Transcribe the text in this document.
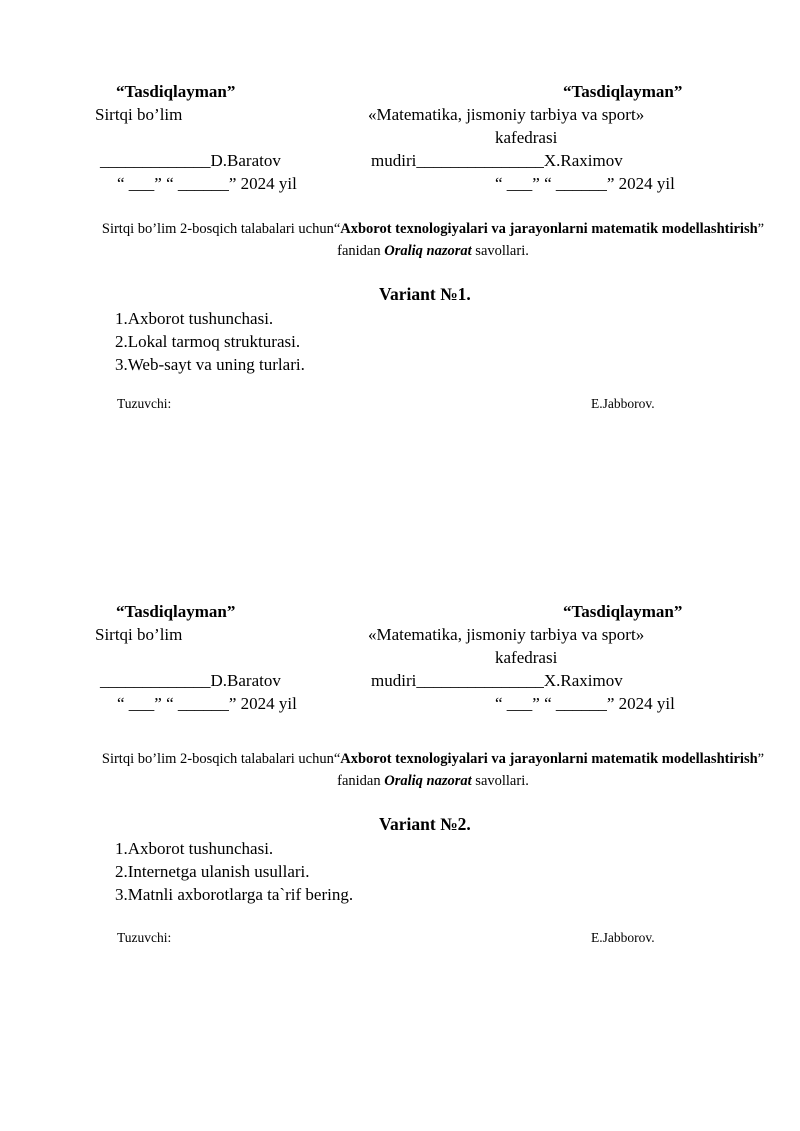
“Tasdiqlayman”	“Tasdiqlayman”
Sirtqi bo’lim	«Matematika, jismoniy tarbiya va sport»
kafedrasi
_____________D.Baratov	mudiri_______________X.Raximov
“ ___” “ ______” 2024 yil	“ ___” “ ______” 2024 yil
Sirtqi bo’lim 2-bosqich talabalari uchun“Axborot texnologiyalari va jarayonlarni matematik modellashtirish” fanidan Oraliq nazorat savollari.
Variant №1.
1.Axborot tushunchasi.
2.Lokal tarmoq strukturasi.
3.Web-sayt va uning turlari.
Tuzuvchi:	E.Jabborov.
“Tasdiqlayman”	“Tasdiqlayman”
Sirtqi bo’lim	«Matematika, jismoniy tarbiya va sport»
kafedrasi
_____________D.Baratov	mudiri_______________X.Raximov
“ ___” “ ______” 2024 yil	“ ___” “ ______” 2024 yil
Sirtqi bo’lim 2-bosqich talabalari uchun“Axborot texnologiyalari va jarayonlarni matematik modellashtirish” fanidan Oraliq nazorat savollari.
Variant №2.
1.Axborot tushunchasi.
2.Internetga ulanish usullari.
3.Matnli axborotlarga ta`rif bering.
Tuzuvchi:	E.Jabborov.
